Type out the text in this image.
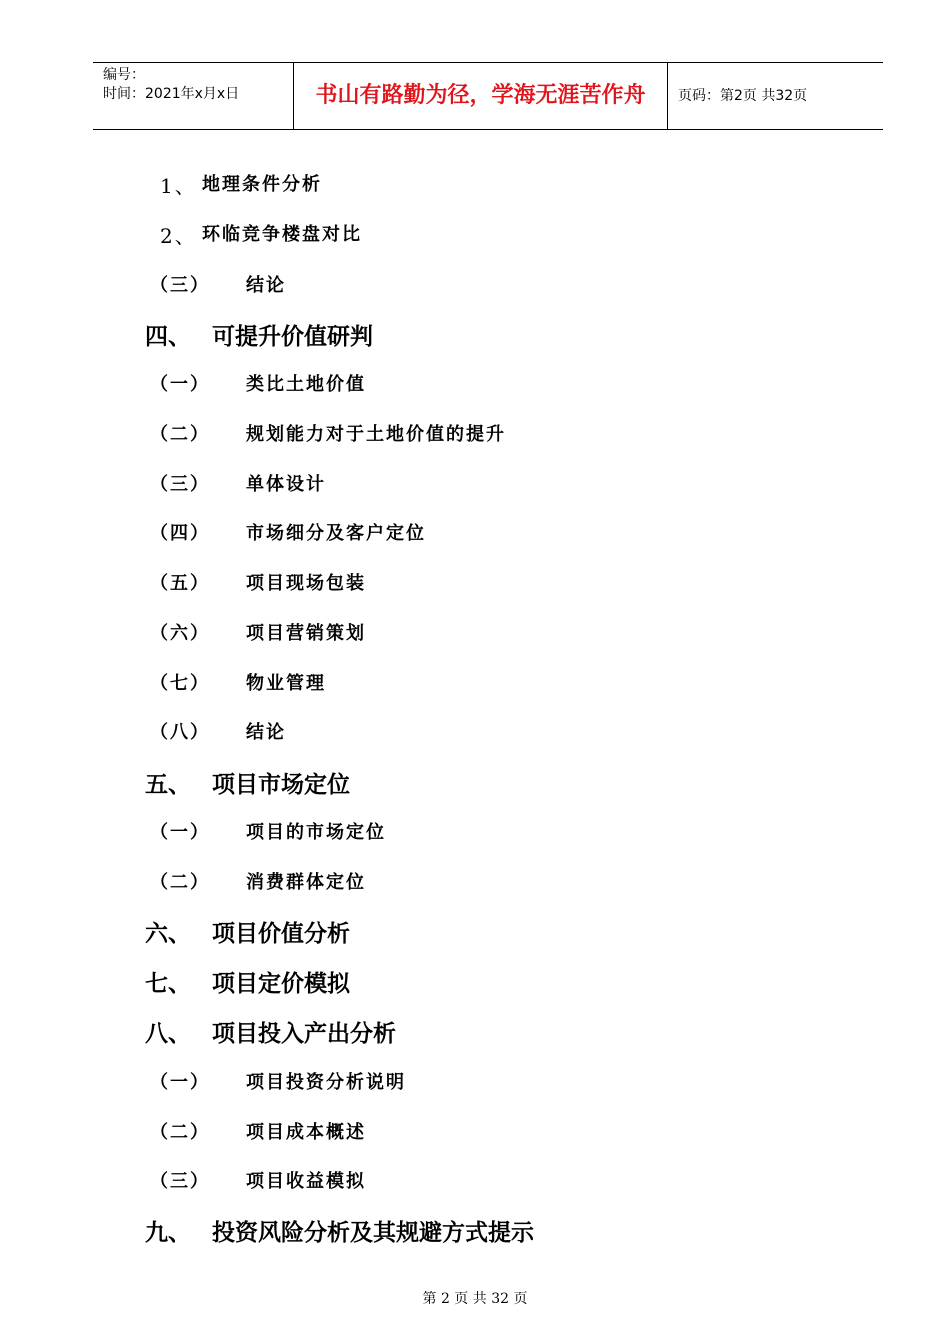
编号：
时间：2021年x月x日	书山有路勤为径，学海无涯苦作舟	页码：第2页 共32页
1、 地理条件分析
2、 环临竞争楼盘对比
（三） 结论
四、 可提升价值研判
（一） 类比土地价值
（二） 规划能力对于土地价值的提升
（三） 单体设计
（四） 市场细分及客户定位
（五） 项目现场包装
（六） 项目营销策划
（七） 物业管理
（八） 结论
五、 项目市场定位
（一） 项目的市场定位
（二） 消费群体定位
六、 项目价值分析
七、 项目定价模拟
八、 项目投入产出分析
（一） 项目投资分析说明
（二） 项目成本概述
（三） 项目收益模拟
九、 投资风险分析及其规避方式提示
第 2 页 共 32 页
